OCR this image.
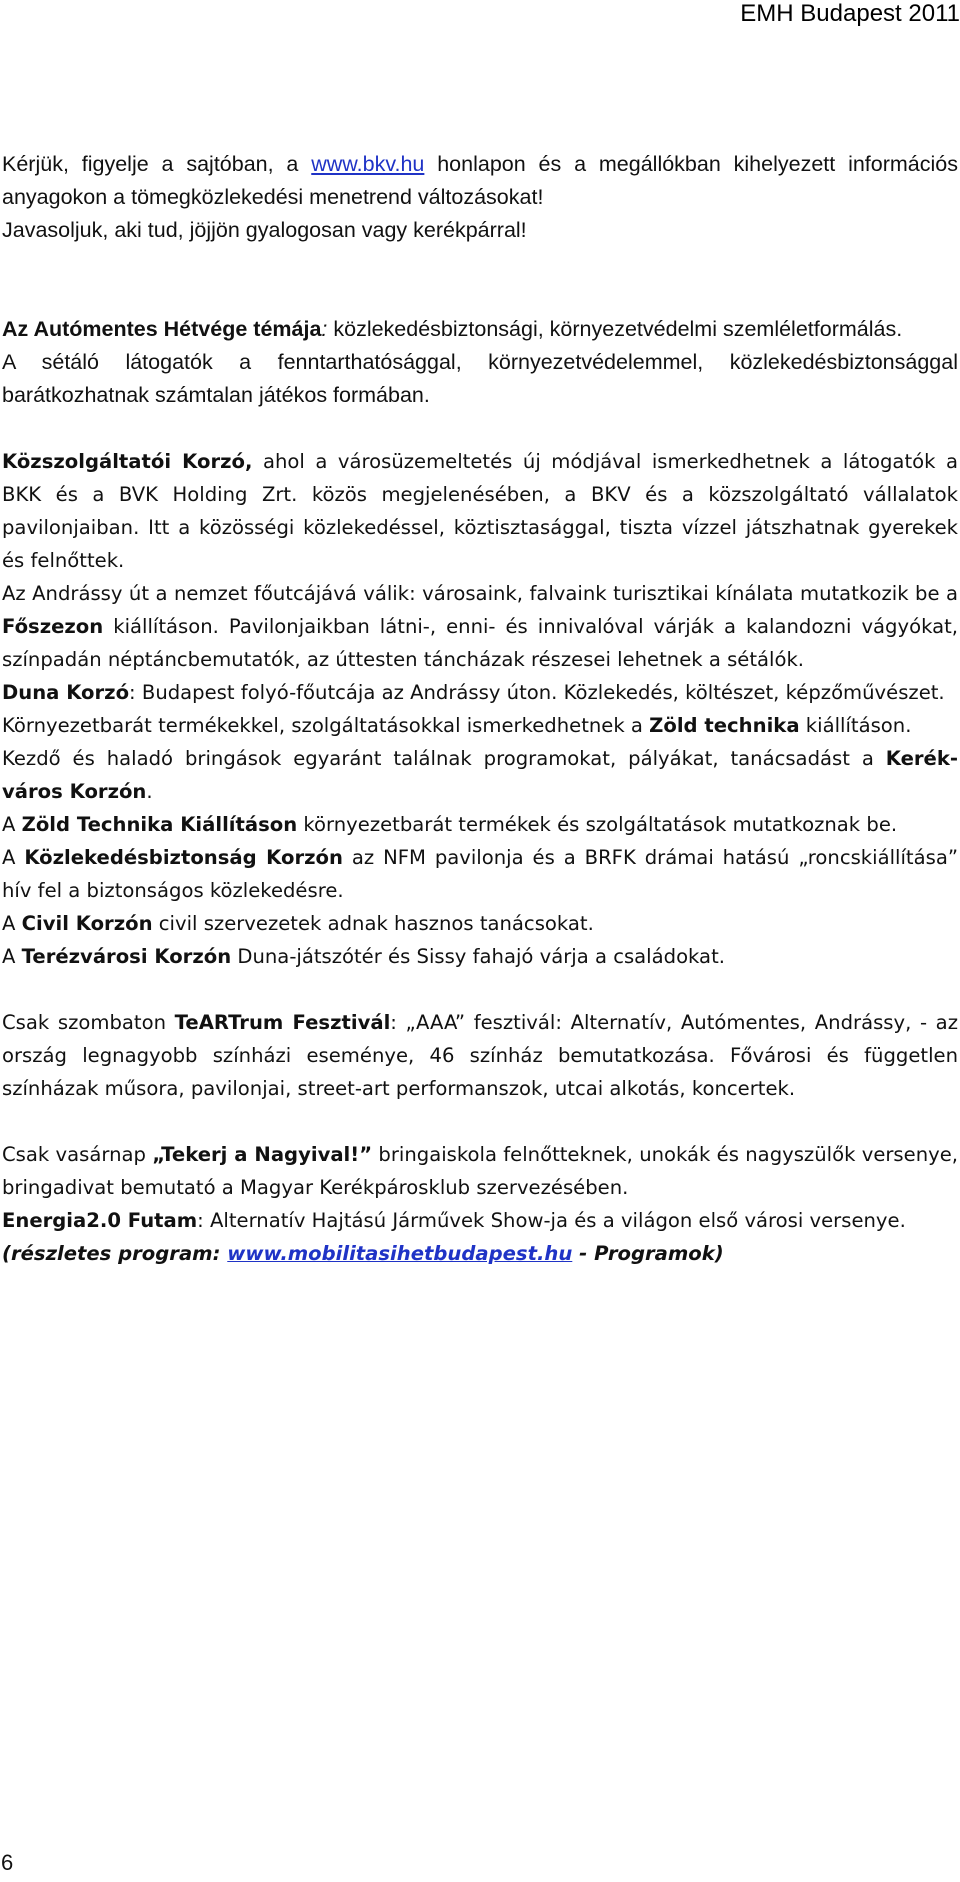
EMH Budapest 2011

Kérjük, figyelje a sajtóban, a www.bkv.hu honlapon és a megállókban kihelyezett információs anyagokon a tömegközlekedési menetrend változásokat!
Javasoljuk, aki tud, jöjjön gyalogosan vagy kerékpárral!

Az Autómentes Hétvége témája: közlekedésbiztonsági, környezetvédelmi szemléletformálás.

A sétáló látogatók a fenntarthatósággal, környezetvédelemmel, közlekedésbiztonsággal barátkozhatnak számtalan játékos formában.

Közszolgáltatói Korzó, ahol a városüzemeltetés új módjával ismerkedhetnek a látogatók a BKK és a BVK Holding Zrt. közös megjelenésében, a BKV és a közszolgáltató vállalatok pavilonjaiban. Itt a közösségi közlekedéssel, köztisztasággal, tiszta vízzel játszhatnak gyerekek és felnőttek.

Az Andrássy út a nemzet főutcájává válik: városaink, falvaink turisztikai kínálata mutatkozik be a Főszezon kiállításon. Pavilonjaikban látni-, enni- és innivalóval várják a kalandozni vágyókat, színpadán néptáncbemutatók, az úttesten táncházak részesei lehetnek a sétálók.

Duna Korzó: Budapest folyó-főutcája az Andrássy úton. Közlekedés, költészet, képzőművészet.

Környezetbarát termékekkel, szolgáltatásokkal ismerkedhetnek a Zöld technika kiállításon.

Kezdő és haladó bringások egyaránt találnak programokat, pályákat, tanácsadást a Kerék-város Korzón.

A Zöld Technika Kiállításon környezetbarát termékek és szolgáltatások mutatkoznak be.

A Közlekedésbiztonság Korzón az NFM pavilonja és a BRFK drámai hatású „roncskiállítása” hív fel a biztonságos közlekedésre.

A Civil Korzón civil szervezetek adnak hasznos tanácsokat.

A Terézvárosi Korzón Duna-játszótér és Sissy fahajó várja a családokat.

Csak szombaton TeARTrum Fesztivál: „AAA” fesztivál: Alternatív, Autómentes, Andrássy, - az ország legnagyobb színházi eseménye, 46 színház bemutatkozása. Fővárosi és független színházak műsora, pavilonjai, street-art performanszok, utcai alkotás, koncertek.

Csak vasárnap „Tekerj a Nagyival!” bringaiskola felnőtteknek, unokák és nagyszülők versenye, bringadivat bemutató a Magyar Kerékpárosklub szervezésében.

Energia2.0 Futam: Alternatív Hajtású Járművek Show-ja és a világon első városi versenye.

(részletes program: www.mobilitasihetbudapest.hu - Programok)

6
